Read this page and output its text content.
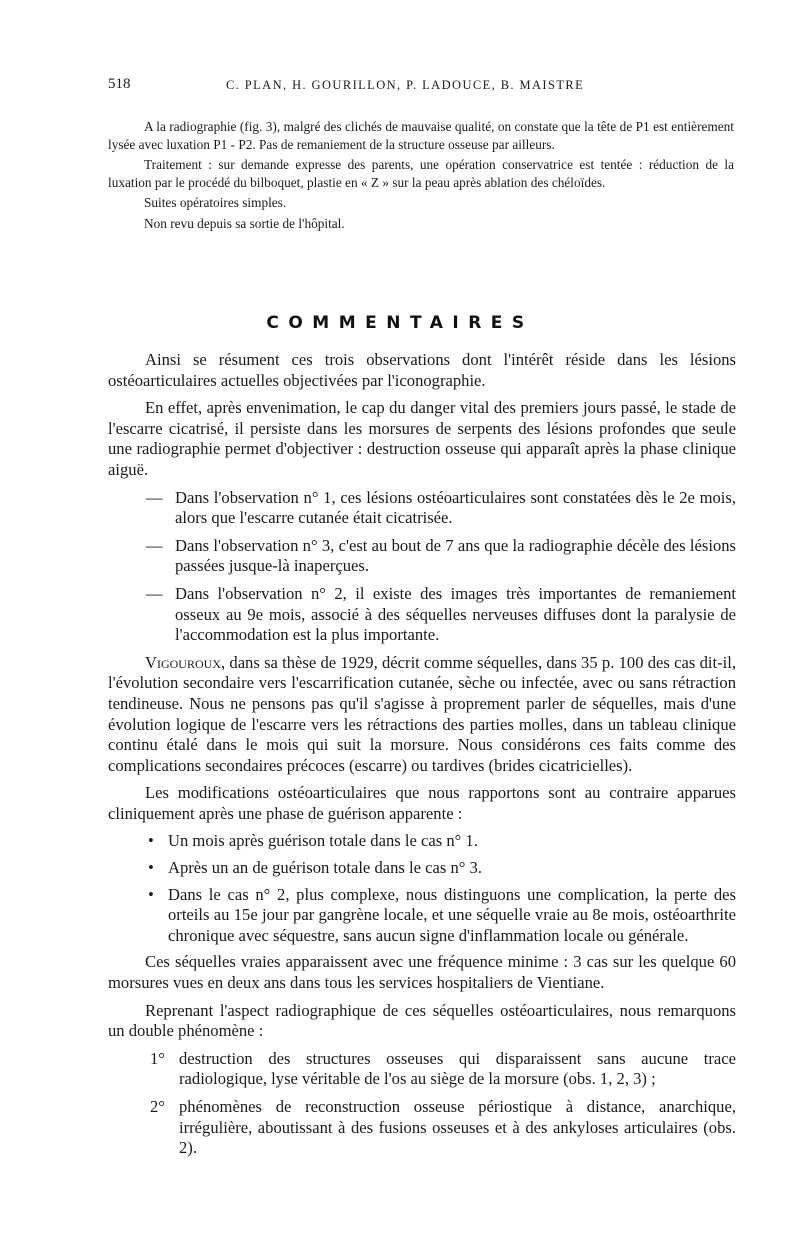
518	C. PLAN, H. GOURILLON, P. LADOUCE, B. MAISTRE

A la radiographie (fig. 3), malgré des clichés de mauvaise qualité, on constate que la tête de P1 est entièrement lysée avec luxation P1 - P2. Pas de remaniement de la structure osseuse par ailleurs.

Traitement : sur demande expresse des parents, une opération conservatrice est tentée : réduction de la luxation par le procédé du bilboquet, plastie en « Z » sur la peau après ablation des chéloïdes.

Suites opératoires simples.

Non revu depuis sa sortie de l'hôpital.

COMMENTAIRES

Ainsi se résument ces trois observations dont l'intérêt réside dans les lésions ostéoarticulaires actuelles objectivées par l'iconographie.

En effet, après envenimation, le cap du danger vital des premiers jours passé, le stade de l'escarre cicatrisé, il persiste dans les morsures de serpents des lésions profondes que seule une radiographie permet d'objectiver : destruction osseuse qui apparaît après la phase clinique aiguë.

— Dans l'observation n° 1, ces lésions ostéoarticulaires sont constatées dès le 2e mois, alors que l'escarre cutanée était cicatrisée.
— Dans l'observation n° 3, c'est au bout de 7 ans que la radiographie décèle des lésions passées jusque-là inaperçues.
— Dans l'observation n° 2, il existe des images très importantes de remaniement osseux au 9e mois, associé à des séquelles nerveuses diffuses dont la paralysie de l'accommodation est la plus importante.

Vigouroux, dans sa thèse de 1929, décrit comme séquelles, dans 35 p. 100 des cas dit-il, l'évolution secondaire vers l'escarrification cutanée, sèche ou infectée, avec ou sans rétraction tendineuse. Nous ne pensons pas qu'il s'agisse à proprement parler de séquelles, mais d'une évolution logique de l'escarre vers les rétractions des parties molles, dans un tableau clinique continu étalé dans le mois qui suit la morsure. Nous considérons ces faits comme des complications secondaires précoces (escarre) ou tardives (brides cicatricielles).

Les modifications ostéoarticulaires que nous rapportons sont au contraire apparues cliniquement après une phase de guérison apparente :

• Un mois après guérison totale dans le cas n° 1.
• Après un an de guérison totale dans le cas n° 3.
• Dans le cas n° 2, plus complexe, nous distinguons une complication, la perte des orteils au 15e jour par gangrène locale, et une séquelle vraie au 8e mois, ostéoarthrite chronique avec séquestre, sans aucun signe d'inflammation locale ou générale.

Ces séquelles vraies apparaissent avec une fréquence minime : 3 cas sur les quelque 60 morsures vues en deux ans dans tous les services hospitaliers de Vientiane.

Reprenant l'aspect radiographique de ces séquelles ostéoarticulaires, nous remarquons un double phénomène :

1° destruction des structures osseuses qui disparaissent sans aucune trace radiologique, lyse véritable de l'os au siège de la morsure (obs. 1, 2, 3) ;
2° phénomènes de reconstruction osseuse périostique à distance, anarchique, irrégulière, aboutissant à des fusions osseuses et à des ankyloses articulaires (obs. 2).
